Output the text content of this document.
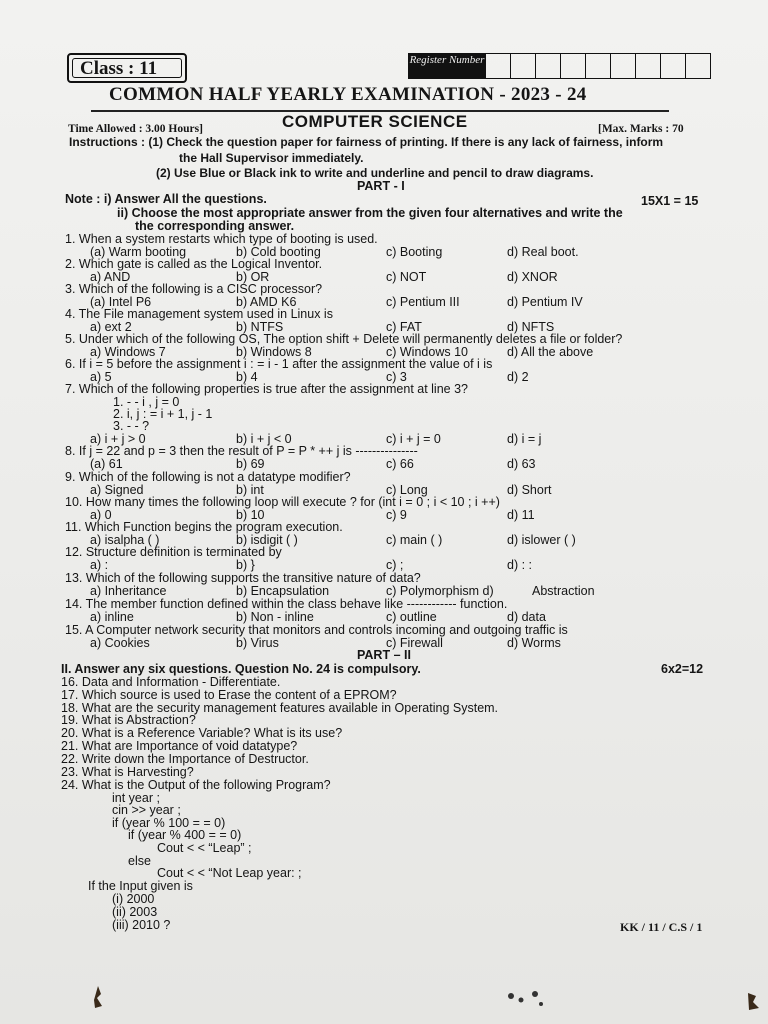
Class : 11	Register Number
COMMON HALF YEARLY EXAMINATION - 2023 - 24
COMPUTER SCIENCE
Time Allowed : 3.00 Hours]	[Max. Marks : 70
Instructions : (1) Check the question paper for fairness of printing. If there is any lack of fairness, inform
the Hall Supervisor immediately.
(2) Use Blue or Black ink to write and underline and pencil to draw diagrams.
PART - I
Note : i) Answer All the questions.	15X1 = 15
ii) Choose the most appropriate answer from the given four alternatives and write the
the corresponding answer.
1. When a system restarts which type of booting is used.
(a) Warm booting	b) Cold booting	c) Booting	d) Real boot.
2. Which gate is called as the Logical Inventor.
a) AND	b) OR	c) NOT	d) XNOR
3. Which of the following is a CISC processor?
(a) Intel P6	b) AMD K6	c) Pentium III	d) Pentium IV
4. The File management system used in Linux is
a) ext 2	b) NTFS	c) FAT	d) NFTS
5. Under which of the following OS, The option shift + Delete will permanently deletes a file or folder?
a) Windows 7	b) Windows 8	c) Windows 10	d) All the above
6. If i = 5 before the assignment i : = i - 1 after the assignment the value of i is
a) 5	b) 4	c) 3	d) 2
7. Which of the following properties is true after the assignment at line 3?
1. - - i , j = 0
2. i, j : = i + 1, j - 1
3. - - ?
a) i + j > 0	b) i + j < 0	c) i + j = 0	d) i = j
8. If j = 22 and p = 3 then the result of P = P * ++ j is ---------------
(a) 61	b) 69	c) 66	d) 63
9. Which of the following is not a datatype modifier?
a) Signed	b) int	c) Long	d) Short
10. How many times the following loop will execute ? for (int i = 0 ; i < 10 ; i ++)
a) 0	b) 10	c) 9	d) 11
11. Which Function begins the program execution.
a) isalpha ( )	b) isdigit ( )	c) main ( )	d) islower ( )
12. Structure definition is terminated by
a) :	b) }	c) ;	d) : :
13. Which of the following supports the transitive nature of data?
a) Inheritance	b) Encapsulation	c) Polymorphism d)	Abstraction
14. The member function defined within the class behave like ------------ function.
a) inline	b) Non - inline	c) outline	d) data
15. A Computer network security that monitors and controls incoming and outgoing traffic is
a) Cookies	b) Virus	c) Firewall	d) Worms
PART – II
II. Answer any six questions. Question No. 24 is compulsory.	6x2=12
16. Data and Information - Differentiate.
17. Which source is used to Erase the content of a EPROM?
18. What are the security management features available in Operating System.
19. What is Abstraction?
20. What is a Reference Variable? What is its use?
21. What are Importance of void datatype?
22. Write down the Importance of Destructor.
23. What is Harvesting?
24. What is the Output of the following Program?
int year ;
cin >> year ;
if (year % 100 = = 0)
if (year % 400 = = 0)
Cout < < “Leap” ;
else
Cout < < “Not Leap year: ;
If the Input given is
(i) 2000
(ii) 2003
(iii) 2010 ?	KK / 11 / C.S / 1
